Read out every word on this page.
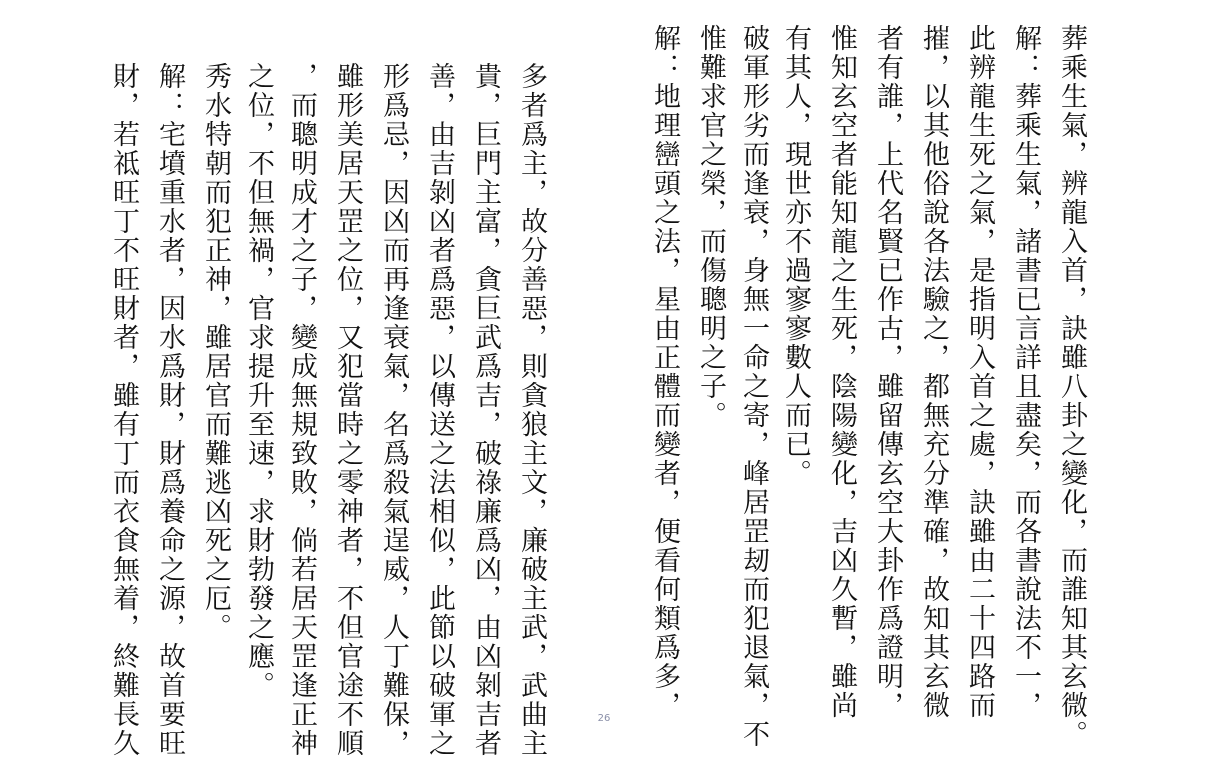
葬乘生氣，辨龍入首，訣雖八卦之變化，而誰知其玄微。
解：葬乘生氣，諸書已言詳且盡矣，而各書說法不一，
此辨龍生死之氣，是指明入首之處，訣雖由二十四路而
摧，以其他俗說各法驗之，都無充分準確，故知其玄微
者有誰，上代名賢已作古，雖留傳玄空大卦作爲證明，
惟知玄空者能知龍之生死，陰陽變化，吉凶久暫，雖尚
有其人，現世亦不過寥寥數人而已。
破軍形劣而逢衰，身無一命之寄，峰居罡刼而犯退氣，不
惟難求官之榮，而傷聰明之子。
解：地理巒頭之法，星由正體而變者，便看何類爲多，
多者爲主，故分善惡，則貪狼主文，廉破主武，武曲主
貴，巨門主富，貪巨武爲吉，破祿廉爲凶，由凶剝吉者
善，由吉剝凶者爲惡，以傳送之法相似，此節以破軍之
形爲忌，因凶而再逢衰氣，名爲殺氣逞威，人丁難保，
雖形美居天罡之位，又犯當時之零神者，不但官途不順
，而聰明成才之子，變成無規致敗，倘若居天罡逢正神
之位，不但無禍，官求提升至速，求財勃發之應。
秀水特朝而犯正神，雖居官而難逃凶死之厄。
解：宅墳重水者，因水爲財，財爲養命之源，故首要旺
財，若祗旺丁不旺財者，雖有丁而衣食無着，終難長久	26
